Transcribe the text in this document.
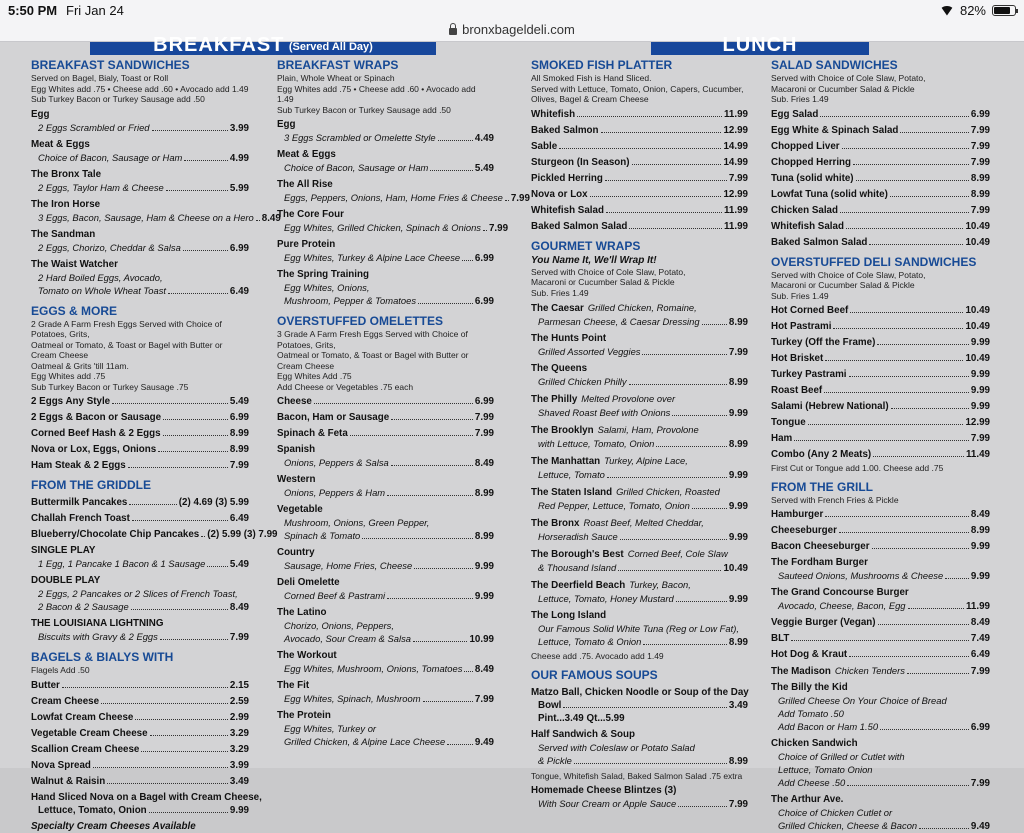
5:50 PM Fri Jan 24	82%
bronxbageldeli.com
BREAKFAST $^{(Served All Day)}$	LUNCH
BREAKFAST SANDWICHES
Served on Bagel, Bialy, Toast or Roll
Egg Whites add .75 • Cheese add .60 • Avocado add 1.49
Sub Turkey Bacon or Turkey Sausage add .50
Egg
2 Eggs Scrambled or Fried	3.99
Meat & Eggs
Choice of Bacon, Sausage or Ham	4.99
The Bronx Tale
2 Eggs, Taylor Ham & Cheese	5.99
The Iron Horse
3 Eggs, Bacon, Sausage, Ham & Cheese on a Hero 8.49
The Sandman
2 Eggs, Chorizo, Cheddar & Salsa	6.99
The Waist Watcher
2 Hard Boiled Eggs, Avocado,
Tomato on Whole Wheat Toast	6.49
EGGS & MORE
2 Grade A Farm Fresh Eggs Served with Choice of Potatoes, Grits,
Oatmeal or Tomato, & Toast or Bagel with Butter or Cream Cheese
Oatmeal & Grits 'till 11am.
Egg Whites add .75
Sub Turkey Bacon or Turkey Sausage .75
2 Eggs Any Style	5.49
2 Eggs & Bacon or Sausage	6.99
Corned Beef Hash & 2 Eggs	8.99
Nova or Lox, Eggs, Onions	8.99
Ham Steak & 2 Eggs	7.99
FROM THE GRIDDLE
Buttermilk Pancakes	(2) 4.69 (3) 5.99
Challah French Toast	6.49
Blueberry/Chocolate Chip Pancakes (2) 5.99 (3) 7.99
SINGLE PLAY
1 Egg, 1 Pancake 1 Bacon & 1 Sausage	5.49
DOUBLE PLAY
2 Eggs, 2 Pancakes or 2 Slices of French Toast,
2 Bacon & 2 Sausage	8.49
THE LOUISIANA LIGHTNING
Biscuits with Gravy & 2 Eggs	7.99
BAGELS & BIALYS WITH
Flagels Add .50
Butter	2.15
Cream Cheese	2.59
Lowfat Cream Cheese	2.99
Vegetable Cream Cheese	3.29
Scallion Cream Cheese	3.29
Nova Spread	3.99
Walnut & Raisin	3.49
Hand Sliced Nova on a Bagel with Cream Cheese,
Lettuce, Tomato, Onion	9.99
Specialty Cream Cheeses Available
BREAKFAST WRAPS
Plain, Whole Wheat or Spinach
Egg Whites add .75 • Cheese add .60 • Avocado add 1.49
Sub Turkey Bacon or Turkey Sausage add .50
Egg
3 Eggs Scrambled or Omelette Style	4.49
Meat & Eggs
Choice of Bacon, Sausage or Ham	5.49
The All Rise
Eggs, Peppers, Onions, Ham, Home Fries & Cheese 7.99
The Core Four
Egg Whites, Grilled Chicken, Spinach & Onions 7.99
Pure Protein
Egg Whites, Turkey & Alpine Lace Cheese 6.99
The Spring Training
Egg Whites, Onions,
Mushroom, Pepper & Tomatoes	6.99
OVERSTUFFED OMELETTES
3 Grade A Farm Fresh Eggs Served with Choice of Potatoes, Grits,
Oatmeal or Tomato, & Toast or Bagel with Butter or Cream Cheese
Egg Whites Add .75
Add Cheese or Vegetables .75 each
Cheese	6.99
Bacon, Ham or Sausage	7.99
Spinach & Feta	7.99
Spanish
Onions, Peppers & Salsa	8.49
Western
Onions, Peppers & Ham	8.99
Vegetable
Mushroom, Onions, Green Pepper,
Spinach & Tomato	8.99
Country
Sausage, Home Fries, Cheese	9.99
Deli Omelette
Corned Beef & Pastrami	9.99
The Latino
Chorizo, Onions, Peppers,
Avocado, Sour Cream & Salsa	10.99
The Workout
Egg Whites, Mushroom, Onions, Tomatoes 8.49
The Fit
Egg Whites, Spinach, Mushroom	7.99
The Protein
Egg Whites, Turkey or
Grilled Chicken, & Alpine Lace Cheese	9.49
SMOKED FISH PLATTER
All Smoked Fish is Hand Sliced.
Served with Lettuce, Tomato, Onion, Capers, Cucumber,
Olives, Bagel & Cream Cheese
Whitefish	11.99
Baked Salmon	12.99
Sable	14.99
Sturgeon (In Season)	14.99
Pickled Herring	7.99
Nova or Lox	12.99
Whitefish Salad	11.99
Baked Salmon Salad	11.99
GOURMET WRAPS
You Name It, We'll Wrap It!
Served with Choice of Cole Slaw, Potato,
Macaroni or Cucumber Salad & Pickle
Sub. Fries 1.49
The Caesar Grilled Chicken, Romaine,
Parmesan Cheese, & Caesar Dressing	8.99
The Hunts Point
Grilled Assorted Veggies	7.99
The Queens
Grilled Chicken Philly	8.99
The Philly Melted Provolone over
Shaved Roast Beef with Onions	9.99
The Brooklyn Salami, Ham, Provolone
with Lettuce, Tomato, Onion	8.99
The Manhattan Turkey, Alpine Lace,
Lettuce, Tomato	9.99
The Staten Island Grilled Chicken, Roasted
Red Pepper, Lettuce, Tomato, Onion	9.99
The Bronx Roast Beef, Melted Cheddar,
Horseradish Sauce	9.99
The Borough's Best Corned Beef, Cole Slaw
& Thousand Island	10.49
The Deerfield Beach Turkey, Bacon,
Lettuce, Tomato, Honey Mustard	9.99
The Long Island
Our Famous Solid White Tuna (Reg or Low Fat),
Lettuce, Tomato & Onion	8.99
Cheese add .75. Avocado add 1.49
OUR FAMOUS SOUPS
Matzo Ball, Chicken Noodle or Soup of the Day
Bowl	3.49
Pint...3.49 Qt...5.99
Half Sandwich & Soup
Served with Coleslaw or Potato Salad
& Pickle	8.99
Tongue, Whitefish Salad, Baked Salmon Salad .75 extra
Homemade Cheese Blintzes (3)
With Sour Cream or Apple Sauce	7.99
SALAD SANDWICHES
Served with Choice of Cole Slaw, Potato,
Macaroni or Cucumber Salad & Pickle
Sub. Fries 1.49
Egg Salad	6.99
Egg White & Spinach Salad	7.99
Chopped Liver	7.99
Chopped Herring	7.99
Tuna (solid white)	8.99
Lowfat Tuna (solid white)	8.99
Chicken Salad	7.99
Whitefish Salad	10.49
Baked Salmon Salad	10.49
OVERSTUFFED DELI SANDWICHES
Served with Choice of Cole Slaw, Potato,
Macaroni or Cucumber Salad & Pickle
Sub. Fries 1.49
Hot Corned Beef	10.49
Hot Pastrami	10.49
Turkey (Off the Frame)	9.99
Hot Brisket	10.49
Turkey Pastrami	9.99
Roast Beef	9.99
Salami (Hebrew National)	9.99
Tongue	12.99
Ham	7.99
Combo (Any 2 Meats)	11.49
First Cut or Tongue add 1.00. Cheese add .75
FROM THE GRILL
Served with French Fries & Pickle
Hamburger	8.49
Cheeseburger	8.99
Bacon Cheeseburger	9.99
The Fordham Burger
Sauteed Onions, Mushrooms & Cheese	9.99
The Grand Concourse Burger
Avocado, Cheese, Bacon, Egg	11.99
Veggie Burger (Vegan)	8.49
BLT	7.49
Hot Dog & Kraut	6.49
The Madison Chicken Tenders	7.99
The Billy the Kid
Grilled Cheese On Your Choice of Bread
Add Tomato .50
Add Bacon or Ham 1.50	6.99
Chicken Sandwich
Choice of Grilled or Cutlet with
Lettuce, Tomato Onion
Add Cheese .50	7.99
The Arthur Ave.
Choice of Chicken Cutlet or
Grilled Chicken, Cheese & Bacon	9.49
